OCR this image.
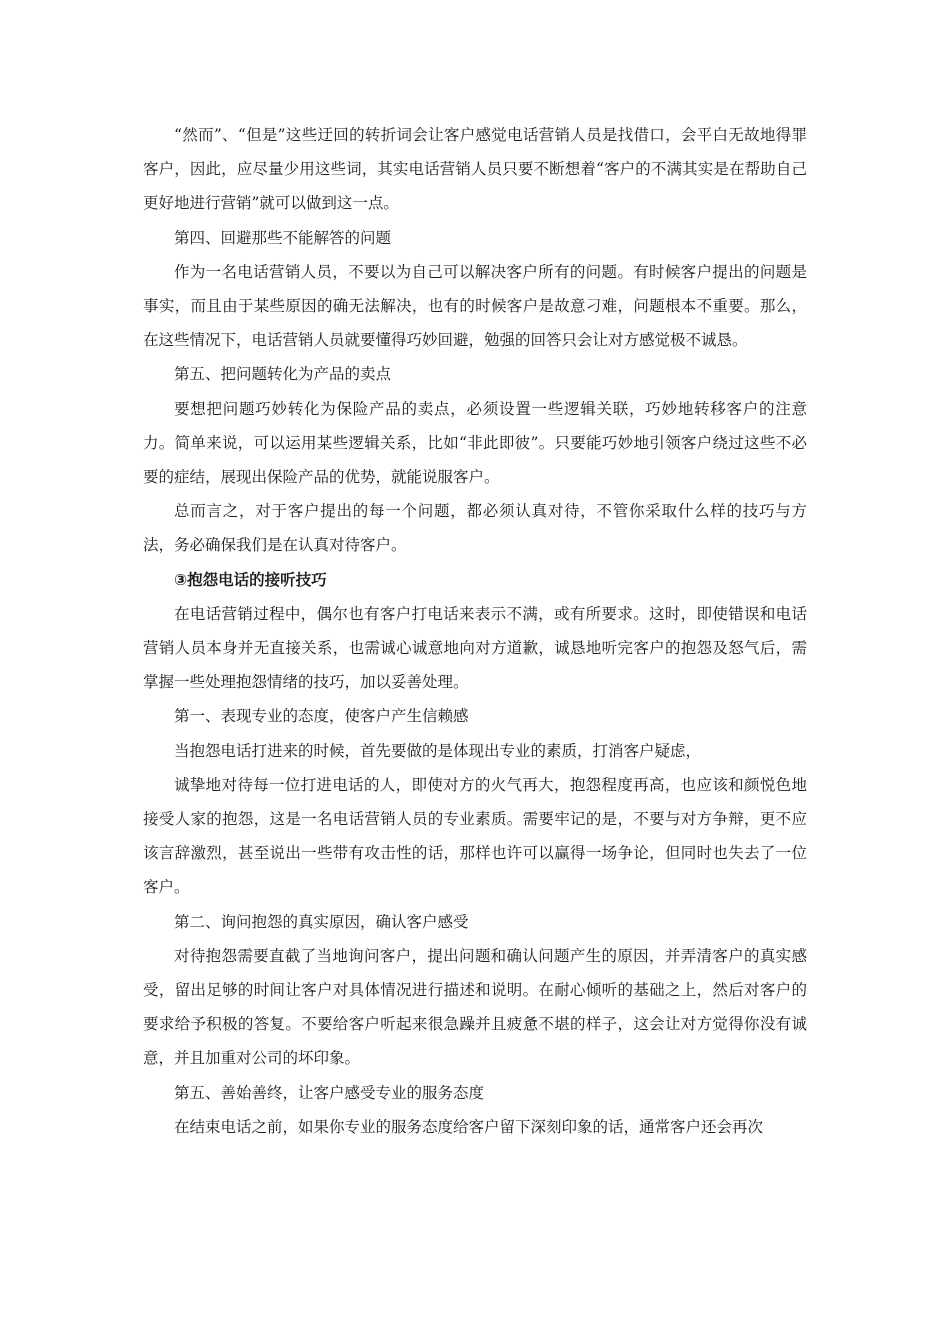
“然而”、“但是”这些迂回的转折词会让客户感觉电话营销人员是找借口，会平白无故地得罪客户，因此，应尽量少用这些词，其实电话营销人员只要不断想着“客户的不满其实是在帮助自己更好地进行营销”就可以做到这一点。

第四、回避那些不能解答的问题

作为一名电话营销人员，不要以为自己可以解决客户所有的问题。有时候客户提出的问题是事实，而且由于某些原因的确无法解决，也有的时候客户是故意刁难，问题根本不重要。那么，在这些情况下，电话营销人员就要懂得巧妙回避，勉强的回答只会让对方感觉极不诚恳。

第五、把问题转化为产品的卖点

要想把问题巧妙转化为保险产品的卖点，必须设置一些逻辑关联，巧妙地转移客户的注意力。简单来说，可以运用某些逻辑关系，比如“非此即彼”。只要能巧妙地引领客户绕过这些不必要的症结，展现出保险产品的优势，就能说服客户。

总而言之，对于客户提出的每一个问题，都必须认真对待，不管你采取什么样的技巧与方法，务必确保我们是在认真对待客户。

③抱怨电话的接听技巧

在电话营销过程中，偶尔也有客户打电话来表示不满，或有所要求。这时，即使错误和电话营销人员本身并无直接关系，也需诚心诚意地向对方道歉，诚恳地听完客户的抱怨及怒气后，需掌握一些处理抱怨情绪的技巧，加以妥善处理。

第一、表现专业的态度，使客户产生信赖感

当抱怨电话打进来的时候，首先要做的是体现出专业的素质，打消客户疑虑，

诚挚地对待每一位打进电话的人，即使对方的火气再大，抱怨程度再高，也应该和颜悦色地接受人家的抱怨，这是一名电话营销人员的专业素质。需要牢记的是，不要与对方争辩，更不应该言辞激烈，甚至说出一些带有攻击性的话，那样也许可以赢得一场争论，但同时也失去了一位客户。

第二、询问抱怨的真实原因，确认客户感受

对待抱怨需要直截了当地询问客户，提出问题和确认问题产生的原因，并弄清客户的真实感受，留出足够的时间让客户对具体情况进行描述和说明。在耐心倾听的基础之上，然后对客户的要求给予积极的答复。不要给客户听起来很急躁并且疲惫不堪的样子，这会让对方觉得你没有诚意，并且加重对公司的坏印象。

第五、善始善终，让客户感受专业的服务态度

在结束电话之前，如果你专业的服务态度给客户留下深刻印象的话，通常客户还会再次
